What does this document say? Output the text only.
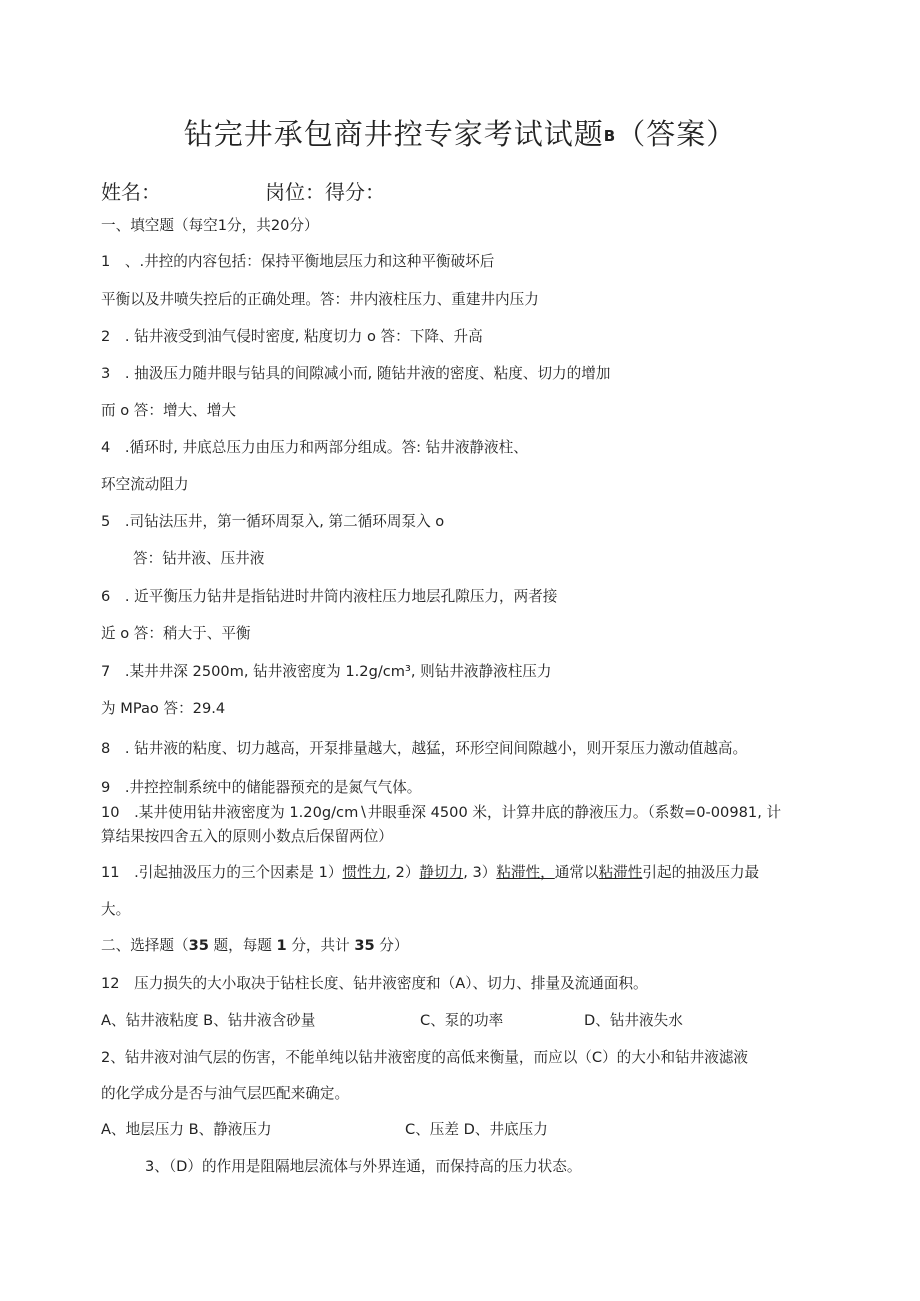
钻完井承包商井控专家考试试题B（答案）
姓名：	岗位：得分：
一、填空题（每空1分，共20分）
1　、.井控的内容包括：保持平衡地层压力和这种平衡破坏后
平衡以及井喷失控后的正确处理。答：井内液柱压力、重建井内压力
2　. 钻井液受到油气侵时密度, 粘度切力 o 答：下降、升高
3　. 抽汲压力随井眼与钻具的间隙减小而, 随钻井液的密度、粘度、切力的增加
而 o 答：增大、增大
4　.循环时, 井底总压力由压力和两部分组成。答: 钻井液静液柱、
环空流动阻力
5　.司钻法压井，第一循环周泵入, 第二循环周泵入 o
答：钻井液、压井液
6　. 近平衡压力钻井是指钻进时井筒内液柱压力地层孔隙压力，两者接
近 o 答：稍大于、平衡
7　.某井井深 2500m, 钻井液密度为 1.2g∕cm³, 则钻井液静液柱压力
为 MPao 答：29.4
8　. 钻井液的粘度、切力越高，开泵排量越大，越猛，环形空间间隙越小，则开泵压力激动值越高。
9　.井控控制系统中的储能器预充的是氮气气体。
10　.某井使用钻井液密度为 1.20g∕cm∖井眼垂深 4500 米，计算井底的静液压力。（系数=0-00981, 计
算结果按四舍五入的原则小数点后保留两位）
11　.引起抽汲压力的三个因素是 1）惯性力, 2）静切力, 3）粘滞性，通常以粘滞性引起的抽汲压力最
大。
二、选择题（35 题，每题 1 分，共计 35 分）
12　压力损失的大小取决于钻柱长度、钻井液密度和（A）、切力、排量及流通面积。
A、钻井液粘度 B、钻井液含砂量	C、泵的功率	D、钻井液失水
2、钻井液对油气层的伤害，不能单纯以钻井液密度的高低来衡量，而应以（C）的大小和钻井液滤液
的化学成分是否与油气层匹配来确定。
A、地层压力 B、静液压力	C、压差 D、井底压力
3、（D）的作用是阻隔地层流体与外界连通，而保持高的压力状态。
